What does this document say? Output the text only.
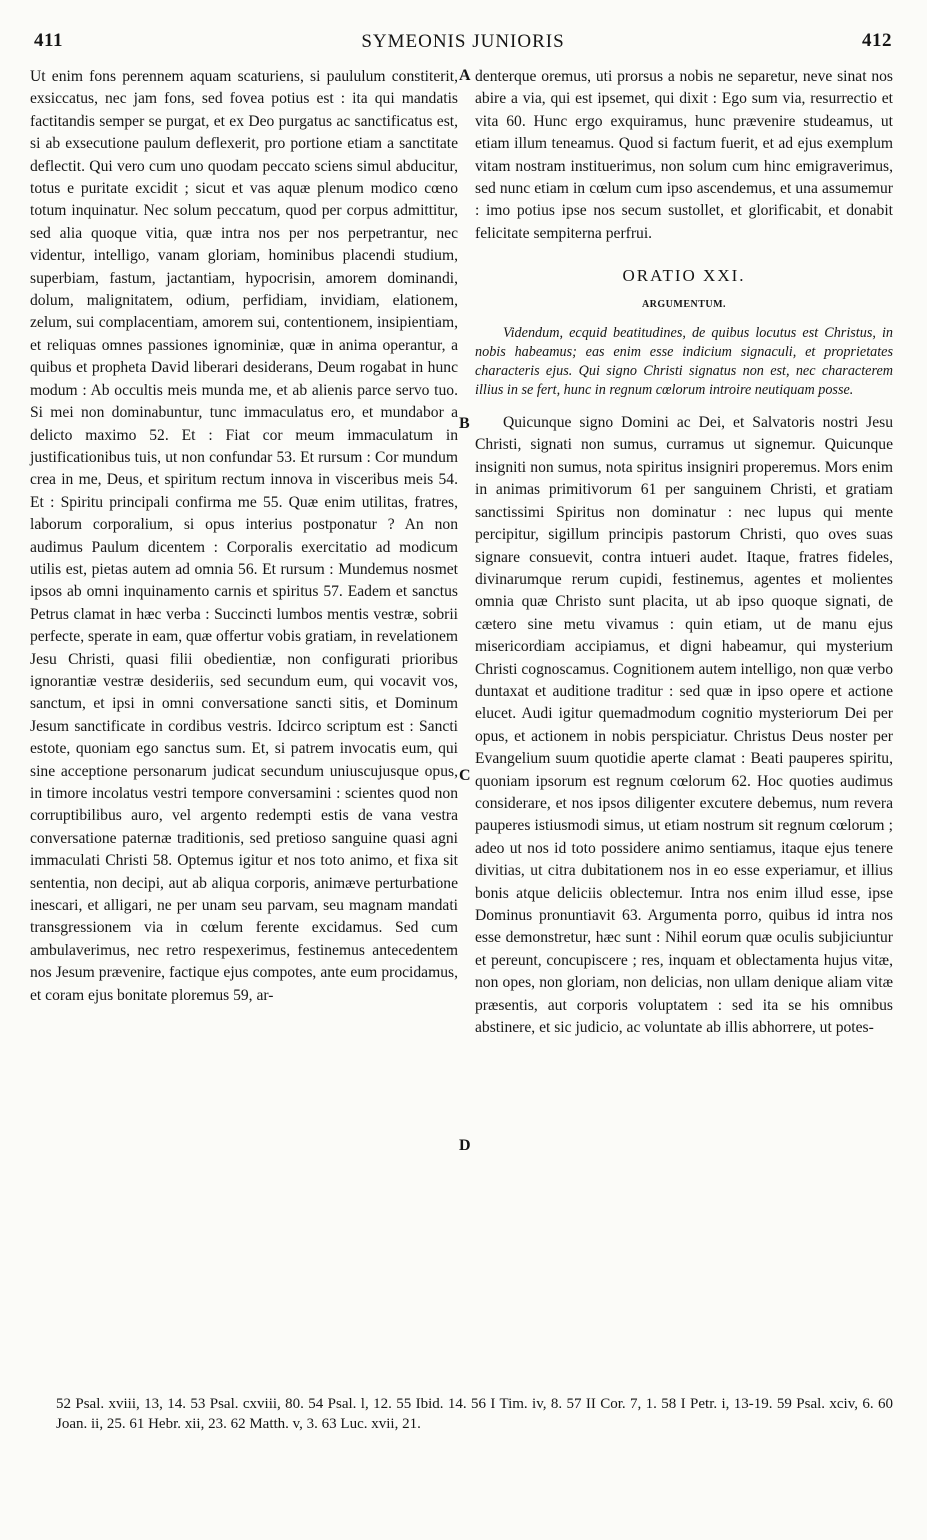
411	SYMEONIS JUNIORIS	412

Ut enim fons perennem aquam scaturiens, si paululum constiterit, exsiccatus, nec jam fons, sed fovea potius est : ita qui mandatis factitandis semper se purgat, et ex Deo purgatus ac sanctificatus est, si ab exsecutione paulum deflexerit, pro portione etiam a sanctitate deflectit. Qui vero cum uno quodam peccato sciens simul abducitur, totus e puritate excidit ; sicut et vas aquæ plenum modico cœno totum inquinatur. Nec solum peccatum, quod per corpus admittitur, sed alia quoque vitia, quæ intra nos per nos perpetrantur, nec videntur, intelligo, vanam gloriam, hominibus placendi studium, superbiam, fastum, jactantiam, hypocrisin, amorem dominandi, dolum, malignitatem, odium, perfidiam, invidiam, elationem, zelum, sui complacentiam, amorem sui, contentionem, insipientiam, et reliquas omnes passiones ignominiæ, quæ in anima operantur, a quibus et propheta David liberari desiderans, Deum rogabat in hunc modum : Ab occultis meis munda me, et ab alienis parce servo tuo. Si mei non dominabuntur, tunc immaculatus ero, et mundabor a delicto maximo 52. Et : Fiat cor meum immaculatum in justificationibus tuis, ut non confundar 53. Et rursum : Cor mundum crea in me, Deus, et spiritum rectum innova in visceribus meis 54. Et : Spiritu principali confirma me 55. Quæ enim utilitas, fratres, laborum corporalium, si opus interius postponatur ? An non audimus Paulum dicentem : Corporalis exercitatio ad modicum utilis est, pietas autem ad omnia 56. Et rursum : Mundemus nosmet ipsos ab omni inquinamento carnis et spiritus 57. Eadem et sanctus Petrus clamat in hæc verba : Succincti lumbos mentis vestræ, sobrii perfecte, sperate in eam, quæ offertur vobis gratiam, in revelationem Jesu Christi, quasi filii obedientiæ, non configurati prioribus ignorantiæ vestræ desideriis, sed secundum eum, qui vocavit vos, sanctum, et ipsi in omni conversatione sancti sitis, et Dominum Jesum sanctificate in cordibus vestris. Idcirco scriptum est : Sancti estote, quoniam ego sanctus sum. Et, si patrem invocatis eum, qui sine acceptione personarum judicat secundum uniuscujusque opus, in timore incolatus vestri tempore conversamini : scientes quod non corruptibilibus auro, vel argento redempti estis de vana vestra conversatione paternæ traditionis, sed pretioso sanguine quasi agni immaculati Christi 58. Optemus igitur et nos toto animo, et fixa sit sententia, non decipi, aut ab aliqua corporis, animæve perturbatione inescari, et alligari, ne per unam seu parvam, seu magnam mandati transgressionem via in cœlum ferente excidamus. Sed cum ambulaverimus, nec retro respexerimus, festinemus antecedentem nos Jesum prævenire, factique ejus compotes, ante eum procidamus, et coram ejus bonitate ploremus 59, ar-

denterque oremus, uti prorsus a nobis ne separetur, neve sinat nos abire a via, qui est ipsemet, qui dixit : Ego sum via, resurrectio et vita 60. Hunc ergo exquiramus, hunc prævenire studeamus, ut etiam illum teneamus. Quod si factum fuerit, et ad ejus exemplum vitam nostram instituerimus, non solum cum hinc emigraverimus, sed nunc etiam in cœlum cum ipso ascendemus, et una assumemur : imo potius ipse nos secum sustollet, et glorificabit, et donabit felicitate sempiterna perfrui.

ORATIO XXI.
ARGUMENTUM.

Videndum, ecquid beatitudines, de quibus locutus est Christus, in nobis habeamus; eas enim esse indicium signaculi, et proprietates characteris ejus. Qui signo Christi signatus non est, nec characterem illius in se fert, hunc in regnum cœlorum introire neutiquam posse.

Quicunque signo Domini ac Dei, et Salvatoris nostri Jesu Christi, signati non sumus, curramus ut signemur. Quicunque insigniti non sumus, nota spiritus insigniri properemus. Mors enim in animas primitivorum 61 per sanguinem Christi, et gratiam sanctissimi Spiritus non dominatur : nec lupus qui mente percipitur, sigillum principis pastorum Christi, quo oves suas signare consuevit, contra intueri audet. Itaque, fratres fideles, divinarumque rerum cupidi, festinemus, agentes et molientes omnia quæ Christo sunt placita, ut ab ipso quoque signati, de cætero sine metu vivamus : quin etiam, ut de manu ejus misericordiam accipiamus, et digni habeamur, qui mysterium Christi cognoscamus. Cognitionem autem intelligo, non quæ verbo duntaxat et auditione traditur : sed quæ in ipso opere et actione elucet. Audi igitur quemadmodum cognitio mysteriorum Dei per opus, et actionem in nobis perspiciatur. Christus Deus noster per Evangelium suum quotidie aperte clamat : Beati pauperes spiritu, quoniam ipsorum est regnum cœlorum 62. Hoc quoties audimus considerare, et nos ipsos diligenter excutere debemus, num revera pauperes istiusmodi simus, ut etiam nostrum sit regnum cœlorum ; adeo ut nos id toto possidere animo sentiamus, itaque ejus tenere divitias, ut citra dubitationem nos in eo esse experiamur, et illius bonis atque deliciis oblectemur. Intra nos enim illud esse, ipse Dominus pronuntiavit 63. Argumenta porro, quibus id intra nos esse demonstretur, hæc sunt : Nihil eorum quæ oculis subjiciuntur et pereunt, concupiscere ; res, inquam et oblectamenta hujus vitæ, non opes, non gloriam, non delicias, non ullam denique aliam vitæ præsentis, aut corporis voluptatem : sed ita se his omnibus abstinere, et sic judicio, ac voluntate ab illis abhorrere, ut potes-

A
B
C
D
52 Psal. xviii, 13, 14. 53 Psal. cxviii, 80. 54 Psal. l, 12. 55 Ibid. 14. 56 I Tim. iv, 8. 57 II Cor. 7, 1. 58 I Petr. i, 13-19. 59 Psal. xciv, 6. 60 Joan. ii, 25. 61 Hebr. xii, 23. 62 Matth. v, 3. 63 Luc. xvii, 21.
